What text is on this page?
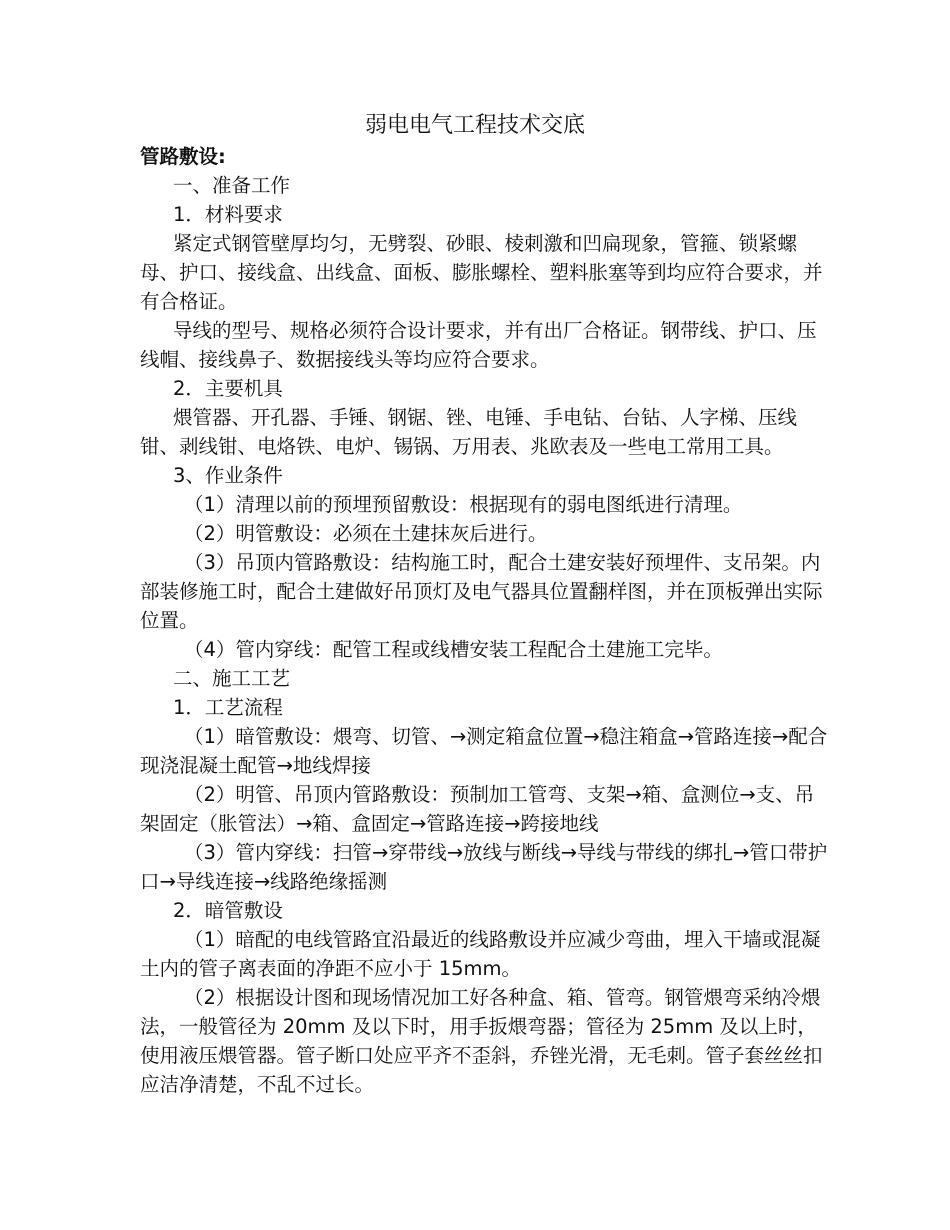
弱电电气工程技术交底

管路敷设:

一、准备工作

1．材料要求

紧定式钢管壁厚均匀，无劈裂、砂眼、棱刺激和凹扁现象，管箍、锁紧螺母、护口、接线盒、出线盒、面板、膨胀螺栓、塑料胀塞等到均应符合要求，并有合格证。

导线的型号、规格必须符合设计要求，并有出厂合格证。钢带线、护口、压线帽、接线鼻子、数据接线头等均应符合要求。

2．主要机具

煨管器、开孔器、手锤、钢锯、锉、电锤、手电钻、台钻、人字梯、压线钳、剥线钳、电烙铁、电炉、锡锅、万用表、兆欧表及一些电工常用工具。

3、作业条件

（1）清理以前的预埋预留敷设：根据现有的弱电图纸进行清理。

（2）明管敷设：必须在土建抹灰后进行。

（3）吊顶内管路敷设：结构施工时，配合土建安装好预埋件、支吊架。内部装修施工时，配合土建做好吊顶灯及电气器具位置翻样图，并在顶板弹出实际位置。

（4）管内穿线：配管工程或线槽安装工程配合土建施工完毕。

二、施工工艺

1．工艺流程

（1）暗管敷设：煨弯、切管、→测定箱盒位置→稳注箱盒→管路连接→配合现浇混凝土配管→地线焊接

（2）明管、吊顶内管路敷设：预制加工管弯、支架→箱、盒测位→支、吊架固定（胀管法）→箱、盒固定→管路连接→跨接地线

（3）管内穿线：扫管→穿带线→放线与断线→导线与带线的绑扎→管口带护口→导线连接→线路绝缘摇测

2．暗管敷设

（1）暗配的电线管路宜沿最近的线路敷设并应减少弯曲，埋入干墙或混凝土内的管子离表面的净距不应小于 15mm。

（2）根据设计图和现场情况加工好各种盒、箱、管弯。钢管煨弯采纳冷煨法，一般管径为 20mm 及以下时，用手扳煨弯器；管径为 25mm 及以上时，使用液压煨管器。管子断口处应平齐不歪斜，乔锉光滑，无毛刺。管子套丝丝扣应洁净清楚，不乱不过长。
